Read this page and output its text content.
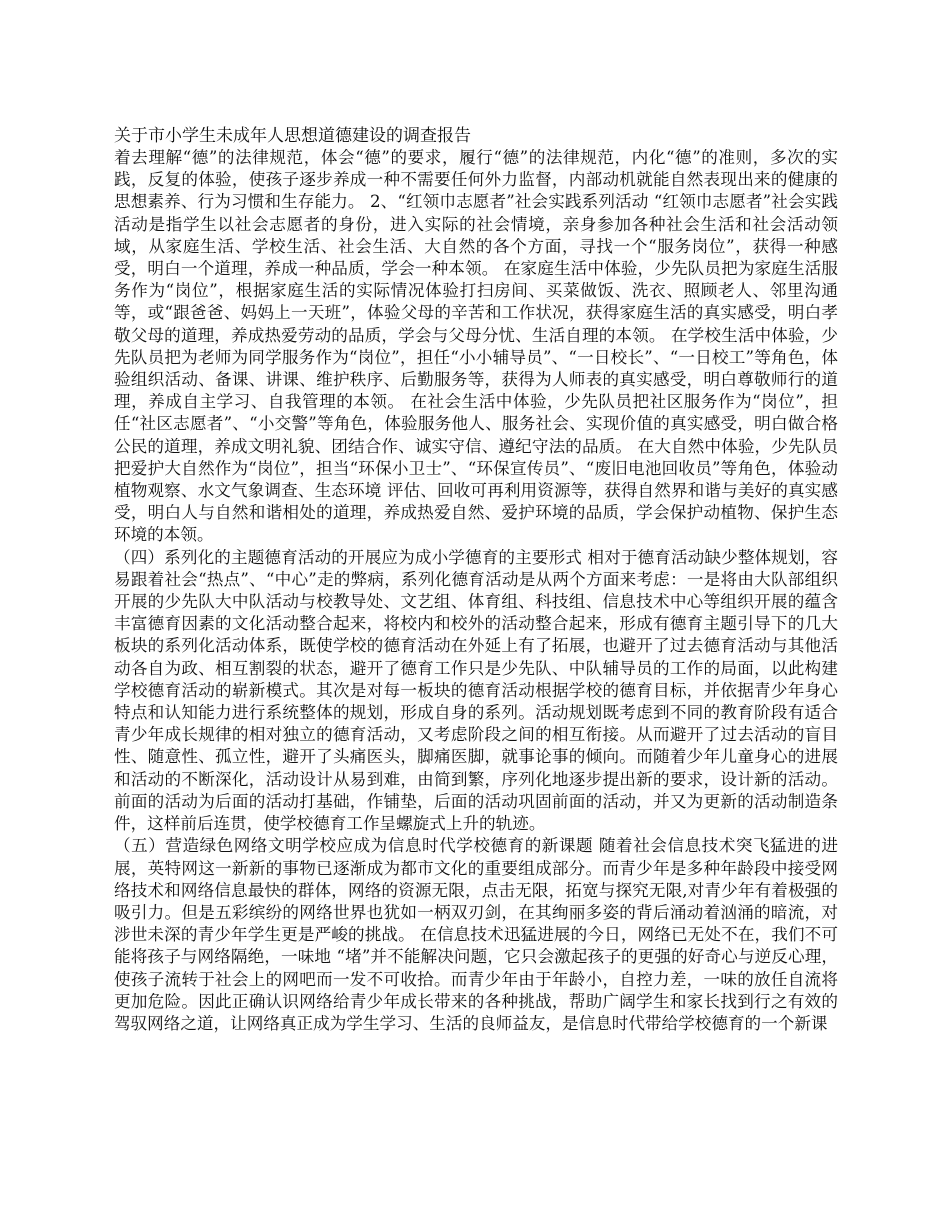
关于市小学生未成年人思想道德建设的调查报告

着去理解“德”的法律规范，体会“德”的要求，履行“德”的法律规范，内化“德”的准则，多次的实践，反复的体验，使孩子逐步养成一种不需要任何外力监督，内部动机就能自然表现出来的健康的思想素养、行为习惯和生存能力。 2、“红领巾志愿者”社会实践系列活动 “红领巾志愿者”社会实践活动是指学生以社会志愿者的身份，进入实际的社会情境，亲身参加各种社会生活和社会活动领域，从家庭生活、学校生活、社会生活、大自然的各个方面，寻找一个“服务岗位”，获得一种感受，明白一个道理，养成一种品质，学会一种本领。 在家庭生活中体验，少先队员把为家庭生活服务作为“岗位”，根据家庭生活的实际情况体验打扫房间、买菜做饭、洗衣、照顾老人、邻里沟通等，或“跟爸爸、妈妈上一天班”，体验父母的辛苦和工作状况，获得家庭生活的真实感受，明白孝敬父母的道理，养成热爱劳动的品质，学会与父母分忧、生活自理的本领。 在学校生活中体验，少先队员把为老师为同学服务作为“岗位”，担任“小小辅导员”、“一日校长”、“一日校工”等角色，体验组织活动、备课、讲课、维护秩序、后勤服务等，获得为人师表的真实感受，明白尊敬师行的道理，养成自主学习、自我管理的本领。 在社会生活中体验，少先队员把社区服务作为“岗位”，担任“社区志愿者”、“小交警”等角色，体验服务他人、服务社会、实现价值的真实感受，明白做合格公民的道理，养成文明礼貌、团结合作、诚实守信、遵纪守法的品质。 在大自然中体验，少先队员把爱护大自然作为“岗位”，担当“环保小卫士”、“环保宣传员”、“废旧电池回收员”等角色，体验动植物观察、水文气象调查、生态环境 评估、回收可再利用资源等，获得自然界和谐与美好的真实感受，明白人与自然和谐相处的道理，养成热爱自然、爱护环境的品质，学会保护动植物、保护生态环境的本领。

（四）系列化的主题德育活动的开展应为成小学德育的主要形式 相对于德育活动缺少整体规划，容易跟着社会“热点”、“中心”走的弊病，系列化德育活动是从两个方面来考虑：一是将由大队部组织开展的少先队大中队活动与校教导处、文艺组、体育组、科技组、信息技术中心等组织开展的蕴含丰富德育因素的文化活动整合起来，将校内和校外的活动整合起来，形成有德育主题引导下的几大板块的系列化活动体系，既使学校的德育活动在外延上有了拓展，也避开了过去德育活动与其他活动各自为政、相互割裂的状态，避开了德育工作只是少先队、中队辅导员的工作的局面，以此构建学校德育活动的崭新模式。其次是对每一板块的德育活动根据学校的德育目标，并依据青少年身心特点和认知能力进行系统整体的规划，形成自身的系列。活动规划既考虑到不同的教育阶段有适合青少年成长规律的相对独立的德育活动，又考虑阶段之间的相互衔接。从而避开了过去活动的盲目性、随意性、孤立性，避开了头痛医头，脚痛医脚，就事论事的倾向。而随着少年儿童身心的进展和活动的不断深化，活动设计从易到难，由简到繁，序列化地逐步提出新的要求，设计新的活动。前面的活动为后面的活动打基础，作铺垫，后面的活动巩固前面的活动，并又为更新的活动制造条件，这样前后连贯，使学校德育工作呈螺旋式上升的轨迹。

（五）营造绿色网络文明学校应成为信息时代学校德育的新课题 随着社会信息技术突飞猛进的进展，英特网这一新新的事物已逐渐成为都市文化的重要组成部分。而青少年是多种年龄段中接受网络技术和网络信息最快的群体，网络的资源无限，点击无限，拓宽与探究无限,对青少年有着极强的吸引力。但是五彩缤纷的网络世界也犹如一柄双刃剑，在其绚丽多姿的背后涌动着汹涌的暗流，对涉世未深的青少年学生更是严峻的挑战。 在信息技术迅猛进展的今日，网络已无处不在，我们不可能将孩子与网络隔绝，一味地 “堵”并不能解决问题，它只会激起孩子的更强的好奇心与逆反心理，使孩子流转于社会上的网吧而一发不可收拾。而青少年由于年龄小，自控力差，一味的放任自流将更加危险。因此正确认识网络给青少年成长带来的各种挑战，帮助广阔学生和家长找到行之有效的驾驭网络之道，让网络真正成为学生学习、生活的良师益友，是信息时代带给学校德育的一个新课
